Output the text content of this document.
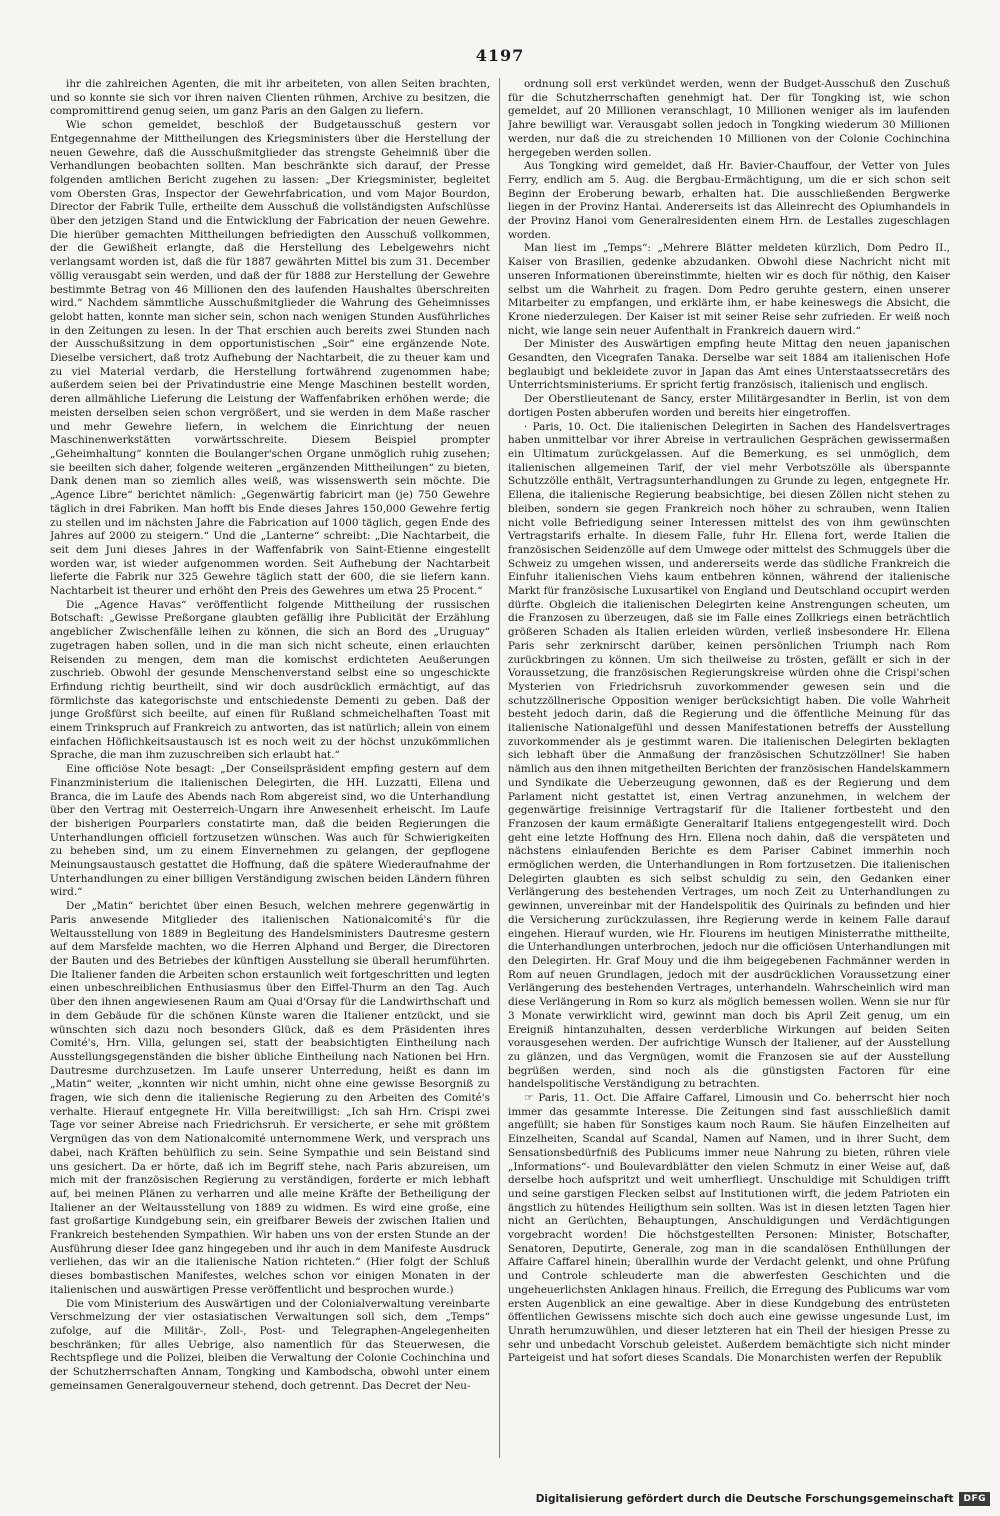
4197

ihr die zahlreichen Agenten, die mit ihr arbeiteten, von allen Seiten brachten, und so konnte sie sich vor ihren naiven Clienten rühmen, Archive zu besitzen, die compromittirend genug seien, um ganz Paris an den Galgen zu liefern.

Wie schon gemeldet, beschloß der Budgetausschuß gestern vor Entgegennahme der Mittheilungen des Kriegsministers über die Herstellung der neuen Gewehre, daß die Ausschußmitglieder das strengste Geheimniß über die Verhandlungen beobachten sollten. Man beschränkte sich darauf, der Presse folgenden amtlichen Bericht zugehen zu lassen: „Der Kriegsminister, begleitet vom Obersten Gras, Inspector der Gewehrfabrication, und vom Major Bourdon, Director der Fabrik Tulle, ertheilte dem Ausschuß die vollständigsten Aufschlüsse über den jetzigen Stand und die Entwicklung der Fabrication der neuen Gewehre. Die hierüber gemachten Mittheilungen befriedigten den Ausschuß vollkommen, der die Gewißheit erlangte, daß die Herstellung des Lebelgewehrs nicht verlangsamt worden ist, daß die für 1887 gewährten Mittel bis zum 31. December völlig verausgabt sein werden, und daß der für 1888 zur Herstellung der Gewehre bestimmte Betrag von 46 Millionen den des laufenden Haushaltes überschreiten wird.“ Nachdem sämmtliche Ausschußmitglieder die Wahrung des Geheimnisses gelobt hatten, konnte man sicher sein, schon nach wenigen Stunden Ausführliches in den Zeitungen zu lesen. In der That erschien auch bereits zwei Stunden nach der Ausschußsitzung in dem opportunistischen „Soir“ eine ergänzende Note. Dieselbe versichert, daß trotz Aufhebung der Nachtarbeit, die zu theuer kam und zu viel Material verdarb, die Herstellung fortwährend zugenommen habe; außerdem seien bei der Privatindustrie eine Menge Maschinen bestellt worden, deren allmähliche Lieferung die Leistung der Waffenfabriken erhöhen werde; die meisten derselben seien schon vergrößert, und sie werden in dem Maße rascher und mehr Gewehre liefern, in welchem die Einrichtung der neuen Maschinenwerkstätten vorwärtsschreite. Diesem Beispiel prompter „Geheimhaltung“ konnten die Boulanger'schen Organe unmöglich ruhig zusehen; sie beeilten sich daher, folgende weiteren „ergänzenden Mittheilungen“ zu bieten, Dank denen man so ziemlich alles weiß, was wissenswerth sein möchte. Die „Agence Libre“ berichtet nämlich: „Gegenwärtig fabricirt man (je) 750 Gewehre täglich in drei Fabriken. Man hofft bis Ende dieses Jahres 150,000 Gewehre fertig zu stellen und im nächsten Jahre die Fabrication auf 1000 täglich, gegen Ende des Jahres auf 2000 zu steigern.“ Und die „Lanterne“ schreibt: „Die Nachtarbeit, die seit dem Juni dieses Jahres in der Waffenfabrik von Saint-Etienne eingestellt worden war, ist wieder aufgenommen worden. Seit Aufhebung der Nachtarbeit lieferte die Fabrik nur 325 Gewehre täglich statt der 600, die sie liefern kann. Nachtarbeit ist theurer und erhöht den Preis des Gewehres um etwa 25 Procent.“

Die „Agence Havas“ veröffentlicht folgende Mittheilung der russischen Botschaft: „Gewisse Preßorgane glaubten gefällig ihre Publicität der Erzählung angeblicher Zwischenfälle leihen zu können, die sich an Bord des „Uruguay“ zugetragen haben sollen, und in die man sich nicht scheute, einen erlauchten Reisenden zu mengen, dem man die komischst erdichteten Aeußerungen zuschrieb. Obwohl der gesunde Menschenverstand selbst eine so ungeschickte Erfindung richtig beurtheilt, sind wir doch ausdrücklich ermächtigt, auf das förmlichste das kategorischste und entschiedenste Dementi zu geben. Daß der junge Großfürst sich beeilte, auf einen für Rußland schmeichelhaften Toast mit einem Trinkspruch auf Frankreich zu antworten, das ist natürlich; allein von einem einfachen Höflichkeitsaustausch ist es noch weit zu der höchst unzukömmlichen Sprache, die man ihm zuzuschreiben sich erlaubt hat.“

Eine officiöse Note besagt: „Der Conseilspräsident empfing gestern auf dem Finanzministerium die italienischen Delegirten, die HH. Luzzatti, Ellena und Branca, die im Laufe des Abends nach Rom abgereist sind, wo die Unterhandlung über den Vertrag mit Oesterreich-Ungarn ihre Anwesenheit erheischt. Im Laufe der bisherigen Pourparlers constatirte man, daß die beiden Regierungen die Unterhandlungen officiell fortzusetzen wünschen. Was auch für Schwierigkeiten zu beheben sind, um zu einem Einvernehmen zu gelangen, der gepflogene Meinungsaustausch gestattet die Hoffnung, daß die spätere Wiederaufnahme der Unterhandlungen zu einer billigen Verständigung zwischen beiden Ländern führen wird.“

Der „Matin“ berichtet über einen Besuch, welchen mehrere gegenwärtig in Paris anwesende Mitglieder des italienischen Nationalcomité's für die Weltausstellung von 1889 in Begleitung des Handelsministers Dautresme gestern auf dem Marsfelde machten, wo die Herren Alphand und Berger, die Directoren der Bauten und des Betriebes der künftigen Ausstellung sie überall herumführten. Die Italiener fanden die Arbeiten schon erstaunlich weit fortgeschritten und legten einen unbeschreiblichen Enthusiasmus über den Eiffel-Thurm an den Tag. Auch über den ihnen angewiesenen Raum am Quai d'Orsay für die Landwirthschaft und in dem Gebäude für die schönen Künste waren die Italiener entzückt, und sie wünschten sich dazu noch besonders Glück, daß es dem Präsidenten ihres Comité's, Hrn. Villa, gelungen sei, statt der beabsichtigten Eintheilung nach Ausstellungsgegenständen die bisher übliche Eintheilung nach Nationen bei Hrn. Dautresme durchzusetzen. Im Laufe unserer Unterredung, heißt es dann im „Matin“ weiter, „konnten wir nicht umhin, nicht ohne eine gewisse Besorgniß zu fragen, wie sich denn die italienische Regierung zu den Arbeiten des Comité's verhalte. Hierauf entgegnete Hr. Villa bereitwilligst: „Ich sah Hrn. Crispi zwei Tage vor seiner Abreise nach Friedrichsruh. Er versicherte, er sehe mit größtem Vergnügen das von dem Nationalcomité unternommene Werk, und versprach uns dabei, nach Kräften behülflich zu sein. Seine Sympathie und sein Beistand sind uns gesichert. Da er hörte, daß ich im Begriff stehe, nach Paris abzureisen, um mich mit der französischen Regierung zu verständigen, forderte er mich lebhaft auf, bei meinen Plänen zu verharren und alle meine Kräfte der Betheiligung der Italiener an der Weltausstellung von 1889 zu widmen. Es wird eine große, eine fast großartige Kundgebung sein, ein greifbarer Beweis der zwischen Italien und Frankreich bestehenden Sympathien. Wir haben uns von der ersten Stunde an der Ausführung dieser Idee ganz hingegeben und ihr auch in dem Manifeste Ausdruck verliehen, das wir an die italienische Nation richteten.“ (Hier folgt der Schluß dieses bombastischen Manifestes, welches schon vor einigen Monaten in der italienischen und auswärtigen Presse veröffentlicht und besprochen wurde.)

Die vom Ministerium des Auswärtigen und der Colonialverwaltung vereinbarte Verschmelzung der vier ostasiatischen Verwaltungen soll sich, dem „Temps“ zufolge, auf die Militär-, Zoll-, Post- und Telegraphen-Angelegenheiten beschränken; für alles Uebrige, also namentlich für das Steuerwesen, die Rechtspflege und die Polizei, bleiben die Verwaltung der Colonie Cochinchina und der Schutzherrschaften Annam, Tongking und Kambodscha, obwohl unter einem gemeinsamen Generalgouverneur stehend, doch getrennt. Das Decret der Neu-

ordnung soll erst verkündet werden, wenn der Budget-Ausschuß den Zuschuß für die Schutzherrschaften genehmigt hat. Der für Tongking ist, wie schon gemeldet, auf 20 Millionen veranschlagt, 10 Millionen weniger als im laufenden Jahre bewilligt war. Verausgabt sollen jedoch in Tongking wiederum 30 Millionen werden, nur daß die zu streichenden 10 Millionen von der Colonie Cochinchina hergegeben werden sollen.

Aus Tongking wird gemeldet, daß Hr. Bavier-Chauffour, der Vetter von Jules Ferry, endlich am 5. Aug. die Bergbau-Ermächtigung, um die er sich schon seit Beginn der Eroberung bewarb, erhalten hat. Die ausschließenden Bergwerke liegen in der Provinz Hantai. Andererseits ist das Alleinrecht des Opiumhandels in der Provinz Hanoi vom Generalresidenten einem Hrn. de Lestalles zugeschlagen worden.

Man liest im „Temps“: „Mehrere Blätter meldeten kürzlich, Dom Pedro II., Kaiser von Brasilien, gedenke abzudanken. Obwohl diese Nachricht nicht mit unseren Informationen übereinstimmte, hielten wir es doch für nöthig, den Kaiser selbst um die Wahrheit zu fragen. Dom Pedro geruhte gestern, einen unserer Mitarbeiter zu empfangen, und erklärte ihm, er habe keineswegs die Absicht, die Krone niederzulegen. Der Kaiser ist mit seiner Reise sehr zufrieden. Er weiß noch nicht, wie lange sein neuer Aufenthalt in Frankreich dauern wird.“

Der Minister des Auswärtigen empfing heute Mittag den neuen japanischen Gesandten, den Vicegrafen Tanaka. Derselbe war seit 1884 am italienischen Hofe beglaubigt und bekleidete zuvor in Japan das Amt eines Unterstaatssecretärs des Unterrichtsministeriums. Er spricht fertig französisch, italienisch und englisch.

Der Oberstlieutenant de Sancy, erster Militärgesandter in Berlin, ist von dem dortigen Posten abberufen worden und bereits hier eingetroffen.

· Paris, 10. Oct. Die italienischen Delegirten in Sachen des Handelsvertrages haben unmittelbar vor ihrer Abreise in vertraulichen Gesprächen gewissermaßen ein Ultimatum zurückgelassen. Auf die Bemerkung, es sei unmöglich, dem italienischen allgemeinen Tarif, der viel mehr Verbotszölle als überspannte Schutzzölle enthält, Vertragsunterhandlungen zu Grunde zu legen, entgegnete Hr. Ellena, die italienische Regierung beabsichtige, bei diesen Zöllen nicht stehen zu bleiben, sondern sie gegen Frankreich noch höher zu schrauben, wenn Italien nicht volle Befriedigung seiner Interessen mittelst des von ihm gewünschten Vertragstarifs erhalte. In diesem Falle, fuhr Hr. Ellena fort, werde Italien die französischen Seidenzölle auf dem Umwege oder mittelst des Schmuggels über die Schweiz zu umgehen wissen, und andererseits werde das südliche Frankreich die Einfuhr italienischen Viehs kaum entbehren können, während der italienische Markt für französische Luxusartikel von England und Deutschland occupirt werden dürfte. Obgleich die italienischen Delegirten keine Anstrengungen scheuten, um die Franzosen zu überzeugen, daß sie im Falle eines Zollkriegs einen beträchtlich größeren Schaden als Italien erleiden würden, verließ insbesondere Hr. Ellena Paris sehr zerknirscht darüber, keinen persönlichen Triumph nach Rom zurückbringen zu können. Um sich theilweise zu trösten, gefällt er sich in der Voraussetzung, die französischen Regierungskreise würden ohne die Crispi'schen Mysterien von Friedrichsruh zuvorkommender gewesen sein und die schutzzöllnerische Opposition weniger berücksichtigt haben. Die volle Wahrheit besteht jedoch darin, daß die Regierung und die öffentliche Meinung für das italienische Nationalgefühl und dessen Manifestationen betreffs der Ausstellung zuvorkommender als je gestimmt waren. Die italienischen Delegirten beklagten sich lebhaft über die Anmaßung der französischen Schutzzöllner! Sie haben nämlich aus den ihnen mitgetheilten Berichten der französischen Handelskammern und Syndikate die Ueberzeugung gewonnen, daß es der Regierung und dem Parlament nicht gestattet ist, einen Vertrag anzunehmen, in welchem der gegenwärtige freisinnige Vertragstarif für die Italiener fortbesteht und den Franzosen der kaum ermäßigte Generaltarif Italiens entgegengestellt wird. Doch geht eine letzte Hoffnung des Hrn. Ellena noch dahin, daß die verspäteten und nächstens einlaufenden Berichte es dem Pariser Cabinet immerhin noch ermöglichen werden, die Unterhandlungen in Rom fortzusetzen. Die italienischen Delegirten glaubten es sich selbst schuldig zu sein, den Gedanken einer Verlängerung des bestehenden Vertrages, um noch Zeit zu Unterhandlungen zu gewinnen, unvereinbar mit der Handelspolitik des Quirinals zu befinden und hier die Versicherung zurückzulassen, ihre Regierung werde in keinem Falle darauf eingehen. Hierauf wurden, wie Hr. Flourens im heutigen Ministerrathe mittheilte, die Unterhandlungen unterbrochen, jedoch nur die officiösen Unterhandlungen mit den Delegirten. Hr. Graf Mouy und die ihm beigegebenen Fachmänner werden in Rom auf neuen Grundlagen, jedoch mit der ausdrücklichen Voraussetzung einer Verlängerung des bestehenden Vertrages, unterhandeln. Wahrscheinlich wird man diese Verlängerung in Rom so kurz als möglich bemessen wollen. Wenn sie nur für 3 Monate verwirklicht wird, gewinnt man doch bis April Zeit genug, um ein Ereigniß hintanzuhalten, dessen verderbliche Wirkungen auf beiden Seiten vorausgesehen werden. Der aufrichtige Wunsch der Italiener, auf der Ausstellung zu glänzen, und das Vergnügen, womit die Franzosen sie auf der Ausstellung begrüßen werden, sind noch als die günstigsten Factoren für eine handelspolitische Verständigung zu betrachten.

☞ Paris, 11. Oct. Die Affaire Caffarel, Limousin und Co. beherrscht hier noch immer das gesammte Interesse. Die Zeitungen sind fast ausschließlich damit angefüllt; sie haben für Sonstiges kaum noch Raum. Sie häufen Einzelheiten auf Einzelheiten, Scandal auf Scandal, Namen auf Namen, und in ihrer Sucht, dem Sensationsbedürfniß des Publicums immer neue Nahrung zu bieten, rühren viele „Informations“- und Boulevardblätter den vielen Schmutz in einer Weise auf, daß derselbe hoch aufspritzt und weit umherfliegt. Unschuldige mit Schuldigen trifft und seine garstigen Flecken selbst auf Institutionen wirft, die jedem Patrioten ein ängstlich zu hütendes Heiligthum sein sollten. Was ist in diesen letzten Tagen hier nicht an Gerüchten, Behauptungen, Anschuldigungen und Verdächtigungen vorgebracht worden! Die höchstgestellten Personen: Minister, Botschafter, Senatoren, Deputirte, Generale, zog man in die scandalösen Enthüllungen der Affaire Caffarel hinein; überallhin wurde der Verdacht gelenkt, und ohne Prüfung und Controle schleuderte man die abwerfesten Geschichten und die ungeheuerlichsten Anklagen hinaus. Freilich, die Erregung des Publicums war vom ersten Augenblick an eine gewaltige. Aber in diese Kundgebung des entrüsteten öffentlichen Gewissens mischte sich doch auch eine gewisse ungesunde Lust, im Unrath herumzuwühlen, und dieser letzteren hat ein Theil der hiesigen Presse zu sehr und unbedacht Vorschub geleistet. Außerdem bemächtigte sich nicht minder Parteigeist und hat sofort dieses Scandals. Die Monarchisten werfen der Republik

Digitalisierung gefördert durch die Deutsche Forschungsgemeinschaft	DFG
